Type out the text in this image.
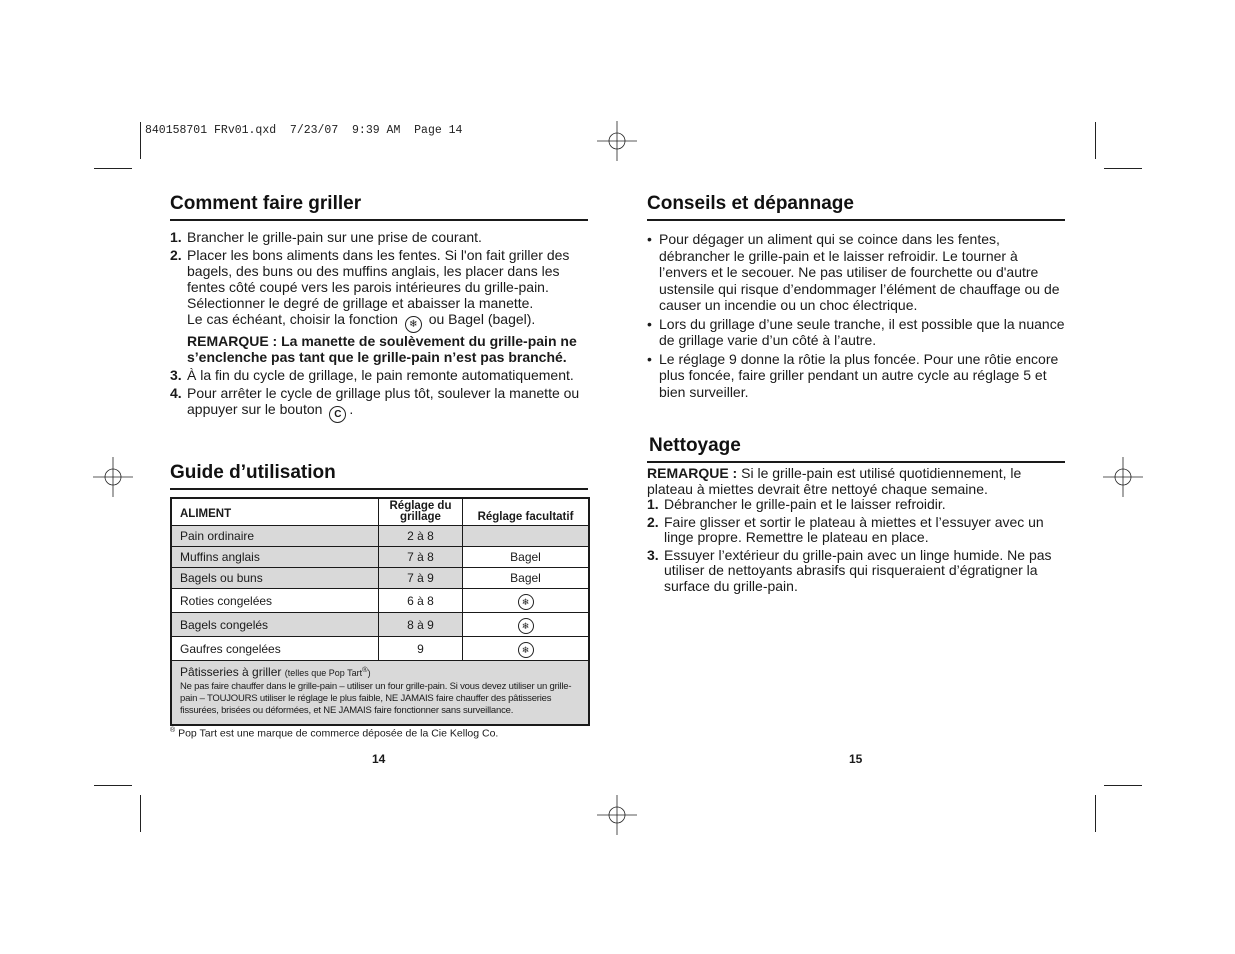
840158701 FRv01.qxd  7/23/07  9:39 AM  Page 14
Comment faire griller
1. Brancher le grille-pain sur une prise de courant.
2. Placer les bons aliments dans les fentes. Si l'on fait griller des bagels, des buns ou des muffins anglais, les placer dans les fentes côté coupé vers les parois intérieures du grille-pain. Sélectionner le degré de grillage et abaisser la manette.
Le cas échéant, choisir la fonction ❄ ou Bagel (bagel).
REMARQUE : La manette de soulèvement du grille-pain ne s’enclenche pas tant que le grille-pain n’est pas branché.
3. À la fin du cycle de grillage, le pain remonte automatiquement.
4. Pour arrêter le cycle de grillage plus tôt, soulever la manette ou appuyer sur le bouton C .
Guide d’utilisation
ALIMENT	Réglage du grillage	Réglage facultatif
Pain ordinaire	2 à 8	
Muffins anglais	7 à 8	Bagel
Bagels ou buns	7 à 9	Bagel
Roties congelées	6 à 8	❄
Bagels congelés	8 à 9	❄
Gaufres congelées	9	❄

Pâtisseries à griller (telles que Pop Tart®)
Ne pas faire chauffer dans le grille-pain – utiliser un four grille-pain. Si vous devez utiliser un grille-pain – TOUJOURS utiliser le réglage le plus faible, NE JAMAIS faire chauffer des pâtisseries fissurées, brisées ou déformées, et NE JAMAIS faire fonctionner sans surveillance.		
® Pop Tart est une marque de commerce déposée de la Cie Kellog Co.
14
Conseils et dépannage
• Pour dégager un aliment qui se coince dans les fentes, débrancher le grille-pain et le laisser refroidir. Le tourner à l’envers et le secouer. Ne pas utiliser de fourchette ou d'autre ustensile qui risque d’endommager l’élément de chauffage ou de causer un incendie ou un choc électrique.
• Lors du grillage d’une seule tranche, il est possible que la nuance de grillage varie d’un côté à l’autre.
• Le réglage 9 donne la rôtie la plus foncée. Pour une rôtie encore plus foncée, faire griller pendant un autre cycle au réglage 5 et bien surveiller.
Nettoyage

REMARQUE : Si le grille-pain est utilisé quotidiennement, le plateau à miettes devrait être nettoyé chaque semaine.

1. Débrancher le grille-pain et le laisser refroidir.
2. Faire glisser et sortir le plateau à miettes et l’essuyer avec un linge propre. Remettre le plateau en place.
3. Essuyer l’extérieur du grille-pain avec un linge humide. Ne pas utiliser de nettoyants abrasifs qui risqueraient d’égratigner la surface du grille-pain.
15
